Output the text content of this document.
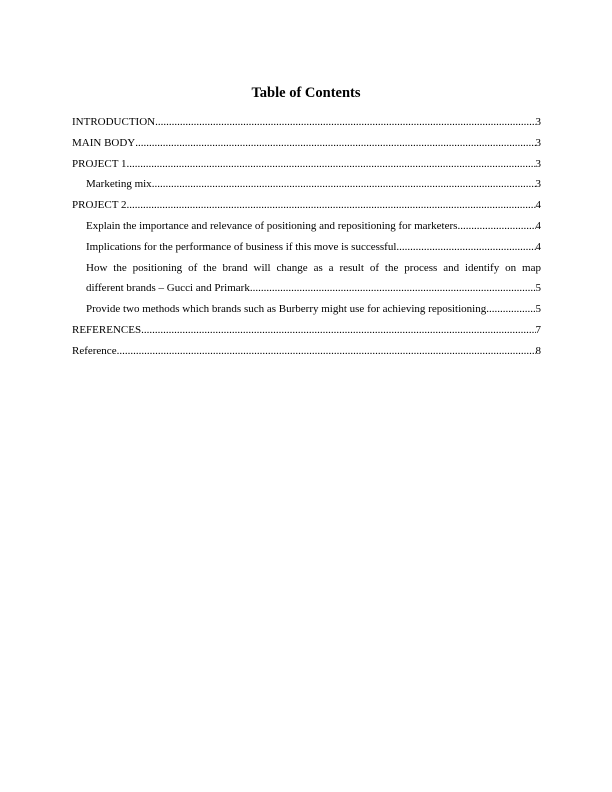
Table of Contents
INTRODUCTION .....	3
MAIN BODY .....	3
PROJECT 1 .....	3
Marketing mix .....	3
PROJECT 2 .....	4
Explain the importance and relevance of positioning and repositioning for marketers. .....	4
Implications for the performance of business if this move is successful .....	4
How the positioning of the brand will change as a result of the process and identify on map
different brands – Gucci and Primark .....	5
Provide two methods which brands such as Burberry might use for achieving repositioning .....	5
REFERENCES .....	7
Reference .....	8
